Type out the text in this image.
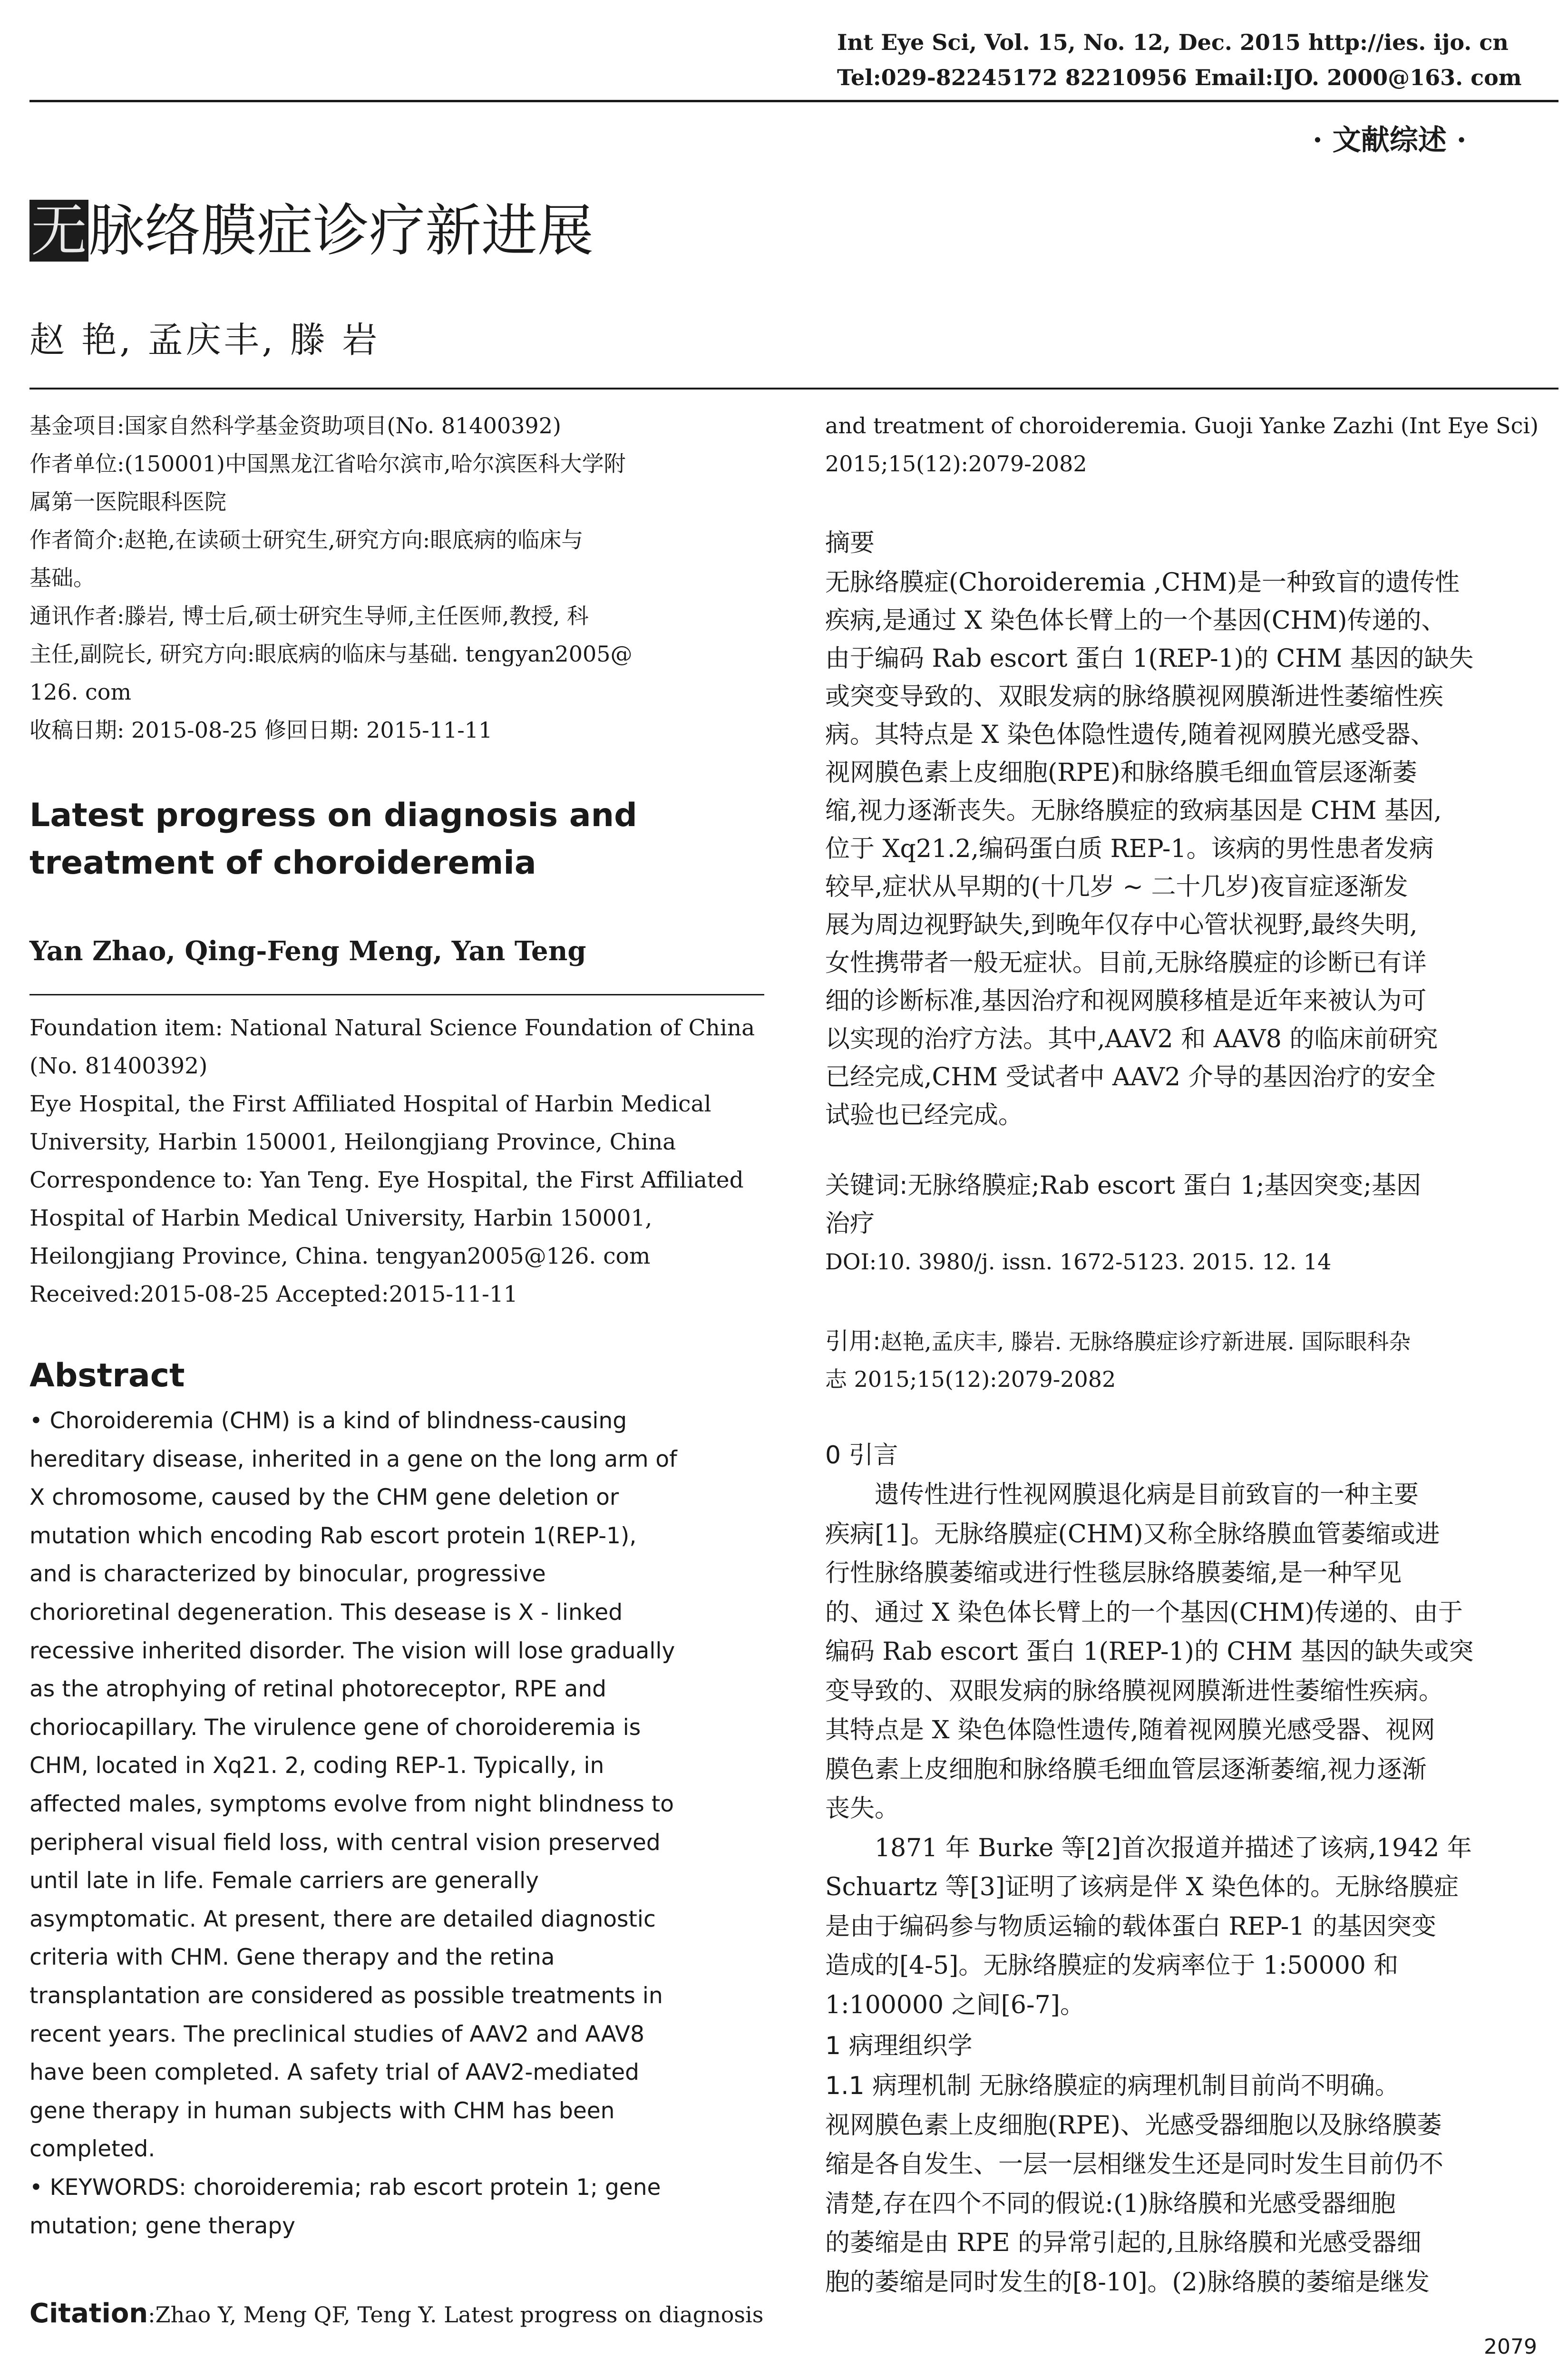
Int Eye Sci, Vol. 15, No. 12, Dec. 2015 http://ies. ijo. cn
Tel:029-82245172 82210956 Email:IJO. 2000@163. com
· 文献综述 ·
无脉络膜症诊疗新进展
赵 艳, 孟庆丰, 滕 岩
基金项目:国家自然科学基金资助项目(No. 81400392)
作者单位:(150001)中国黑龙江省哈尔滨市,哈尔滨医科大学附
属第一医院眼科医院
作者简介:赵艳,在读硕士研究生,研究方向:眼底病的临床与
基础。
通讯作者:滕岩, 博士后,硕士研究生导师,主任医师,教授, 科
主任,副院长, 研究方向:眼底病的临床与基础. tengyan2005@
126. com
收稿日期: 2015-08-25 修回日期: 2015-11-11
Latest progress on diagnosis and
treatment of choroideremia
Yan Zhao, Qing-Feng Meng, Yan Teng
Foundation item: National Natural Science Foundation of China
(No. 81400392)
Eye Hospital, the First Affiliated Hospital of Harbin Medical
University, Harbin 150001, Heilongjiang Province, China
Correspondence to: Yan Teng. Eye Hospital, the First Affiliated
Hospital of Harbin Medical University, Harbin 150001,
Heilongjiang Province, China. tengyan2005@126. com
Received:2015-08-25 Accepted:2015-11-11
Abstract
• Choroideremia (CHM) is a kind of blindness-causing
hereditary disease, inherited in a gene on the long arm of
X chromosome, caused by the CHM gene deletion or
mutation which encoding Rab escort protein 1(REP-1),
and is characterized by binocular, progressive
chorioretinal degeneration. This desease is X - linked
recessive inherited disorder. The vision will lose gradually
as the atrophying of retinal photoreceptor, RPE and
choriocapillary. The virulence gene of choroideremia is
CHM, located in Xq21. 2, coding REP-1. Typically, in
affected males, symptoms evolve from night blindness to
peripheral visual field loss, with central vision preserved
until late in life. Female carriers are generally
asymptomatic. At present, there are detailed diagnostic
criteria with CHM. Gene therapy and the retina
transplantation are considered as possible treatments in
recent years. The preclinical studies of AAV2 and AAV8
have been completed. A safety trial of AAV2-mediated
gene therapy in human subjects with CHM has been
completed.
• KEYWORDS: choroideremia; rab escort protein 1; gene
mutation; gene therapy
Citation:Zhao Y, Meng QF, Teng Y. Latest progress on diagnosis
and treatment of choroideremia. Guoji Yanke Zazhi (Int Eye Sci)
2015;15(12):2079-2082
摘要
无脉络膜症(Choroideremia ,CHM)是一种致盲的遗传性
疾病,是通过 X 染色体长臂上的一个基因(CHM)传递的、
由于编码 Rab escort 蛋白 1(REP-1)的 CHM 基因的缺失
或突变导致的、双眼发病的脉络膜视网膜渐进性萎缩性疾
病。其特点是 X 染色体隐性遗传,随着视网膜光感受器、
视网膜色素上皮细胞(RPE)和脉络膜毛细血管层逐渐萎
缩,视力逐渐丧失。无脉络膜症的致病基因是 CHM 基因,
位于 Xq21.2,编码蛋白质 REP-1。该病的男性患者发病
较早,症状从早期的(十几岁 ~ 二十几岁)夜盲症逐渐发
展为周边视野缺失,到晚年仅存中心管状视野,最终失明,
女性携带者一般无症状。目前,无脉络膜症的诊断已有详
细的诊断标准,基因治疗和视网膜移植是近年来被认为可
以实现的治疗方法。其中,AAV2 和 AAV8 的临床前研究
已经完成,CHM 受试者中 AAV2 介导的基因治疗的安全
试验也已经完成。
关键词:无脉络膜症;Rab escort 蛋白 1;基因突变;基因
治疗
DOI:10. 3980/j. issn. 1672-5123. 2015. 12. 14
引用:赵艳,孟庆丰, 滕岩. 无脉络膜症诊疗新进展. 国际眼科杂
志 2015;15(12):2079-2082
0 引言
遗传性进行性视网膜退化病是目前致盲的一种主要
疾病[1]。无脉络膜症(CHM)又称全脉络膜血管萎缩或进
行性脉络膜萎缩或进行性毯层脉络膜萎缩,是一种罕见
的、通过 X 染色体长臂上的一个基因(CHM)传递的、由于
编码 Rab escort 蛋白 1(REP-1)的 CHM 基因的缺失或突
变导致的、双眼发病的脉络膜视网膜渐进性萎缩性疾病。
其特点是 X 染色体隐性遗传,随着视网膜光感受器、视网
膜色素上皮细胞和脉络膜毛细血管层逐渐萎缩,视力逐渐
丧失。
1871 年 Burke 等[2]首次报道并描述了该病,1942 年
Schuartz 等[3]证明了该病是伴 X 染色体的。无脉络膜症
是由于编码参与物质运输的载体蛋白 REP-1 的基因突变
造成的[4-5]。无脉络膜症的发病率位于 1:50000 和
1:100000 之间[6-7]。
1 病理组织学
1.1 病理机制 无脉络膜症的病理机制目前尚不明确。
视网膜色素上皮细胞(RPE)、光感受器细胞以及脉络膜萎
缩是各自发生、一层一层相继发生还是同时发生目前仍不
清楚,存在四个不同的假说:(1)脉络膜和光感受器细胞
的萎缩是由 RPE 的异常引起的,且脉络膜和光感受器细
胞的萎缩是同时发生的[8-10]。(2)脉络膜的萎缩是继发
2079
